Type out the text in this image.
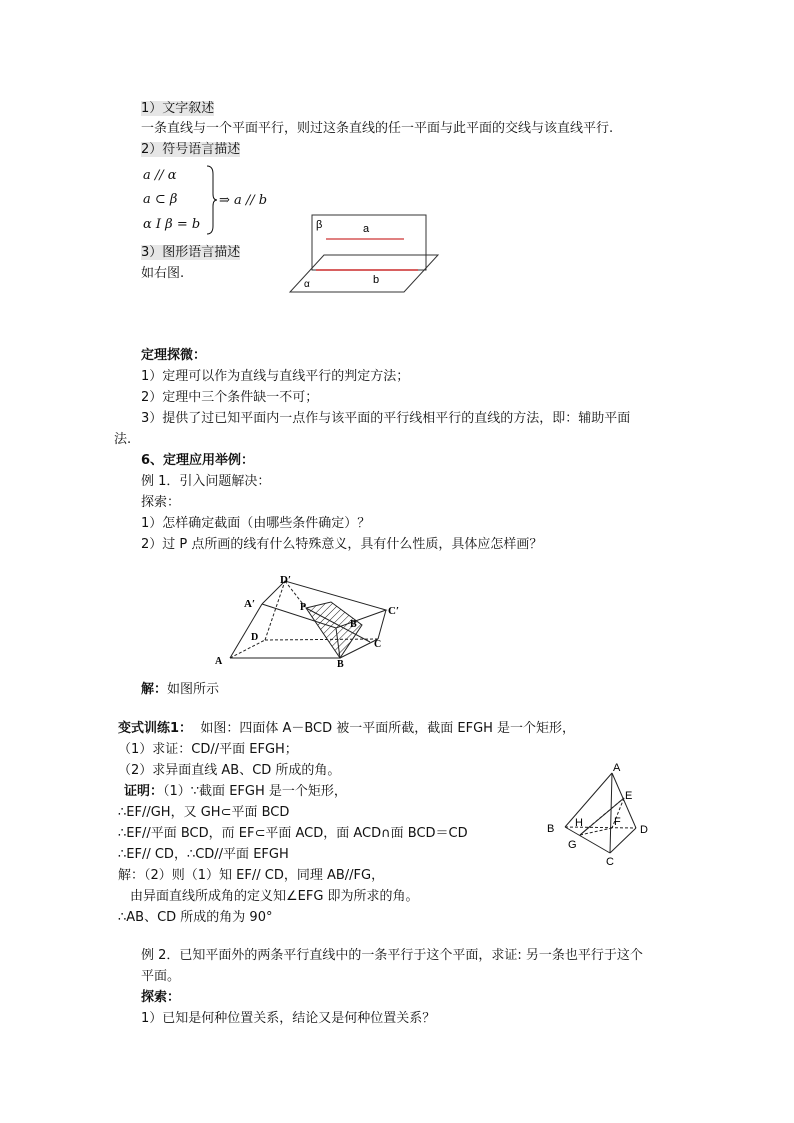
1）文字叙述
一条直线与一个平面平行，则过这条直线的任一平面与此平面的交线与该直线平行.
2）符号语言描述
a // α
a ⊂ β
α I β = b
⇒ a // b
3）图形语言描述
如右图.
β	a
α	b
定理探微：
1）定理可以作为直线与直线平行的判定方法；
2）定理中三个条件缺一不可；
3）提供了过已知平面内一点作与该平面的平行线相平行的直线的方法，即：辅助平面
法.
6、定理应用举例：
例 1．引入问题解决：
探索：
1）怎样确定截面（由哪些条件确定）？
2）过 P 点所画的线有什么特殊意义，具有什么性质，具体应怎样画？
D′
A′
C′
P
B
D
C
A	B
解：如图所示
变式训练1： 如图：四面体 A－BCD 被一平面所截，截面 EFGH 是一个矩形，
（1）求证：CD//平面 EFGH；
（2）求异面直线 AB、CD 所成的角。
证明：（1）∵截面 EFGH 是一个矩形，
∴EF//GH，又 GH⊂平面 BCD
∴EF//平面 BCD，而 EF⊂平面 ACD，面 ACD∩面 BCD＝CD
∴EF// CD，∴CD//平面 EFGH
解：（2）则（1）知 EF// CD，同理 AB//FG，
由异面直线所成角的定义知∠EFG 即为所求的角。
∴AB、CD 所成的角为 90°
A
E
B H	F
D
G
C
例 2．已知平面外的两条平行直线中的一条平行于这个平面，求证: 另一条也平行于这个
平面。
探索：
1）已知是何种位置关系，结论又是何种位置关系？
